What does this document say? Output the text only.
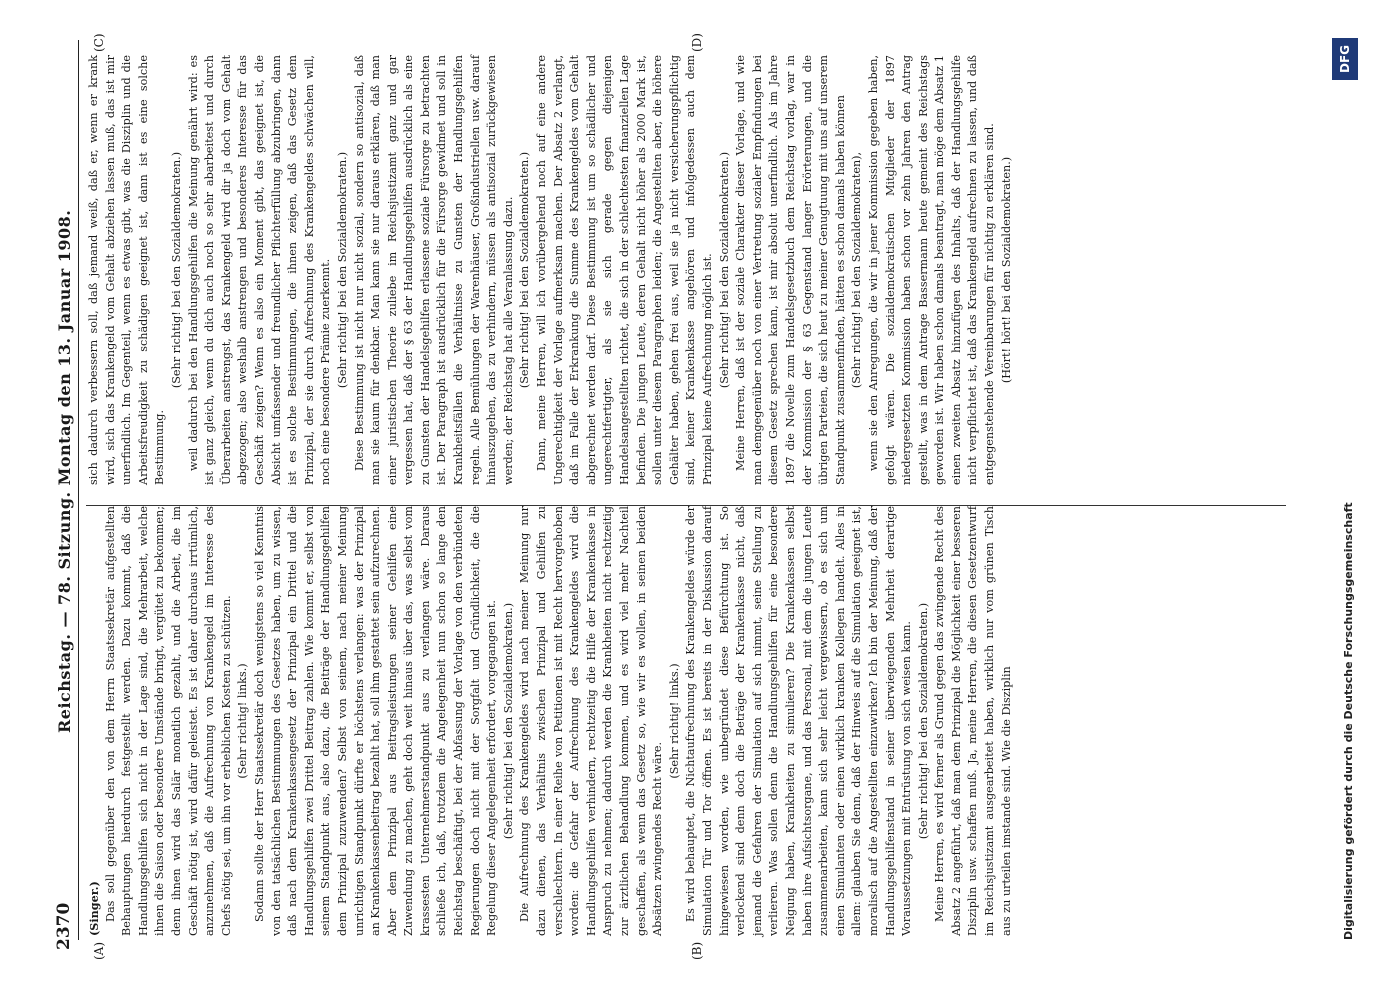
2370
Reichstag. — 78. Sitzung. Montag den 13. Januar 1908.
(A)	(B)
(C)	(D)

(Singer.) Das soll gegenüber den von dem Herrn Staatssekretär aufgestellten Behauptungen hierdurch festgestellt werden. Dazu kommt, daß die Handlungsgehilfen sich nicht in der Lage sind, die Mehrarbeit, welche ihnen die Saison oder besondere Umstände bringt, vergütet zu bekommen; denn ihnen wird das Salär monatlich gezahlt, und die Arbeit, die im Geschäft nötig ist, wird dafür geleistet. Es ist daher durchaus irrtümlich, anzunehmen, daß die Aufrechnung von Krankengeld im Interesse des Chefs nötig sei, um ihn vor erheblichen Kosten zu schützen. (Sehr richtig! links.) Sodann sollte der Herr Staatssekretär doch wenigstens so viel Kenntnis von den tatsächlichen Bestimmungen des Gesetzes haben, um zu wissen, daß nach dem Krankenkassengesetz der Prinzipal ein Drittel und die Handlungsgehilfen zwei Drittel Beitrag zahlen. Wie kommt er, selbst von seinem Standpunkt aus, also dazu, die Beiträge der Handlungsgehilfen dem Prinzipal zuzuwenden? Selbst von seinem, nach meiner Meinung unrichtigen Standpunkt dürfte er höchstens verlangen: was der Prinzipal an Krankenkassenbeitrag bezahlt hat, soll ihm gestattet sein aufzurechnen. Aber dem Prinzipal aus Beitragsleistungen seiner Gehilfen eine Zuwendung zu machen, geht doch weit hinaus über das, was selbst vom krassesten Unternehmerstandpunkt aus zu verlangen wäre. Daraus schließe ich, daß, trotzdem die Angelegenheit nun schon so lange den Reichstag beschäftigt, bei der Abfassung der Vorlage von den verbündeten Regierungen doch nicht mit der Sorgfalt und Gründlichkeit, die die Regelung dieser Angelegenheit erfordert, vorgegangen ist. (Sehr richtig! bei den Sozialdemokraten.) Die Aufrechnung des Krankengeldes wird nach meiner Meinung nur dazu dienen, das Verhältnis zwischen Prinzipal und Gehilfen zu verschlechtern. In einer Reihe von Petitionen ist mit Recht hervorgehoben worden: die Gefahr der Aufrechnung des Krankengeldes wird die Handlungsgehilfen verhindern, rechtzeitig die Hilfe der Krankenkasse in Anspruch zu nehmen; dadurch werden die Krankheiten nicht rechtzeitig zur ärztlichen Behandlung kommen, und es wird viel mehr Nachteil geschaffen, als wenn das Gesetz so, wie wir es wollen, in seinen beiden Absätzen zwingendes Recht wäre.

(Sehr richtig! links.) Es wird behauptet, die Nichtaufrechnung des Krankengeldes würde der Simulation Tür und Tor öffnen. Es ist bereits in der Diskussion darauf hingewiesen worden, wie unbegründet diese Befürchtung ist. So verlockend sind denn doch die Beträge der Krankenkasse nicht, daß jemand die Gefahren der Simulation auf sich nimmt, seine Stellung zu verlieren. Was sollen denn die Handlungsgehilfen für eine besondere Neigung haben, Krankheiten zu simulieren? Die Krankenkassen selbst haben ihre Aufsichtsorgane, und das Personal, mit dem die jungen Leute zusammenarbeiten, kann sich sehr leicht vergewissern, ob es sich um einen Simulanten oder einen wirklich kranken Kollegen handelt. Alles in allem: glauben Sie denn, daß der Hinweis auf die Simulation geeignet ist, moralisch auf die Angestellten einzuwirken? Ich bin der Meinung, daß der Handlungsgehilfenstand in seiner überwiegenden Mehrheit derartige Voraussetzungen mit Entrüstung von sich weisen kann. (Sehr richtig! bei den Sozialdemokraten.) Meine Herren, es wird ferner als Grund gegen das zwingende Recht des Absatz 2 angeführt, daß man dem Prinzipal die Möglichkeit einer besseren Disziplin usw. schaffen muß. Ja, meine Herren, die diesen Gesetzentwurf im Reichsjustizamt ausgearbeitet haben, wirklich nur vom grünen Tisch aus zu urteilen imstande sind. Wie die Disziplin

sich dadurch verbessern soll, daß jemand weiß, daß er, wenn er krank wird, sich das Krankengeld vom Gehalt abziehen lassen muß, das ist mir unerfindlich. Im Gegenteil, wenn es etwas gibt, was die Disziplin und die Arbeitsfreudigkeit zu schädigen geeignet ist, dann ist es eine solche Bestimmung.

(Sehr richtig! bei den Sozialdemokraten.) weil dadurch bei den Handlungsgehilfen die Meinung genährt wird: es ist ganz gleich, wenn du dich auch noch so sehr abarbeitest und durch Überarbeiten anstrengst, das Krankengeld wird dir ja doch vom Gehalt abgezogen; also weshalb anstrengen und besonderes Interesse für das Geschäft zeigen? Wenn es also ein Moment gibt, das geeignet ist, die Absicht umfassender und freundlicher Pflichterfüllung abzubringen, dann ist es solche Bestimmungen, die ihnen zeigen, daß das Gesetz dem Prinzipal, der sie durch Aufrechnung des Krankengeldes schwächen will, noch eine besondere Prämie zuerkennt. (Sehr richtig! bei den Sozialdemokraten.) Diese Bestimmung ist nicht nur nicht sozial, sondern so antisozial, daß man sie kaum für denkbar. Man kann sie nur daraus erklären, daß man einer juristischen Theorie zuliebe im Reichsjustizamt ganz und gar vergessen hat, daß der § 63 der Handlungsgehilfen ausdrücklich als eine zu Gunsten der Handelsgehilfen erlassene soziale Fürsorge zu betrachten ist. Der Paragraph ist ausdrücklich für die Fürsorge gewidmet und soll in Krankheitsfällen die Verhältnisse zu Gunsten der Handlungsgehilfen regeln. Alle Bemühungen der Warenhäuser, Großindustriellen usw. darauf hinauszugehen, das zu verhindern, müssen als antisozial zurückgewiesen werden; der Reichstag hat alle Veranlassung dazu. (Sehr richtig! bei den Sozialdemokraten.) Dann, meine Herren, will ich vorübergehend noch auf eine andere Ungerechtigkeit der Vorlage aufmerksam machen. Der Absatz 2 verlangt, daß im Falle der Erkrankung die Summe des Krankengeldes vom Gehalt abgerechnet werden darf. Diese Bestimmung ist um so schädlicher und ungerechtfertigter, als sie sich gerade gegen diejenigen Handelsangestellten richtet, die sich in der schlechtesten finanziellen Lage befinden. Die jungen Leute, deren Gehalt nicht höher als 2000 Mark ist, sollen unter diesem Paragraphen leiden; die Angestellten aber, die höhere Gehälter haben, gehen frei aus, weil sie ja nicht versicherungspflichtig sind, keiner Krankenkasse angehören und infolgedessen auch dem Prinzipal keine Aufrechnung möglich ist. (Sehr richtig! bei den Sozialdemokraten.) Meine Herren, daß ist der soziale Charakter dieser Vorlage, und wie man demgegenüber noch von einer Vertretung sozialer Empfindungen bei diesem Gesetz sprechen kann, ist mir absolut unerfindlich. Als im Jahre 1897 die Novelle zum Handelsgesetzbuch dem Reichstag vorlag, war in der Kommission der § 63 Gegenstand langer Erörterungen, und die übrigen Parteien, die sich heut zu meiner Genugtuung mit uns auf unserem Standpunkt zusammenfinden, hätten es schon damals haben können (Sehr richtig! bei den Sozialdemokraten), wenn sie den Anregungen, die wir in jener Kommission gegeben haben, gefolgt wären. Die sozialdemokratischen Mitglieder der 1897 niedergesetzten Kommission haben schon vor zehn Jahren den Antrag gestellt, was in dem Antrage Bassermann heute gemeint des Reichstags geworden ist. Wir haben schon damals beantragt, man möge dem Absatz 1 einen zweiten Absatz hinzufügen des Inhalts, daß der Handlungsgehilfe nicht verpflichtet ist, daß das Krankengeld aufrechnen zu lassen, und daß entgegenstehende Vereinbarungen für nichtig zu erklären sind. (Hört! hört! bei den Sozialdemokraten.)

Digitalisierung gefördert durch die Deutsche Forschungsgemeinschaft
DFG
